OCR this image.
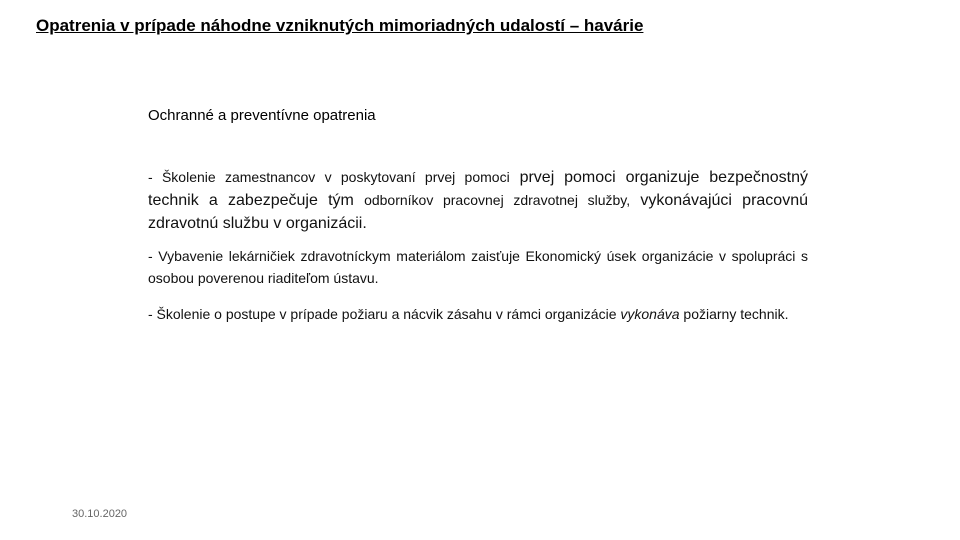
Opatrenia v prípade náhodne vzniknutých mimoriadných udalostí – havárie

Ochranné a preventívne opatrenia

- Školenie zamestnancov v poskytovaní prvej pomoci prvej pomoci organizuje bezpečnostný technik a zabezpečuje tým odborníkov pracovnej zdravotnej služby, vykonávajúci pracovnú zdravotnú službu v organizácii.

- Vybavenie lekárničiek zdravotníckym materiálom zaisťuje Ekonomický úsek organizácie v spolupráci s osobou poverenou riaditeľom ústavu.

- Školenie o postupe v prípade požiaru a nácvik zásahu v rámci organizácie vykonáva požiarny technik.

30.10.2020
